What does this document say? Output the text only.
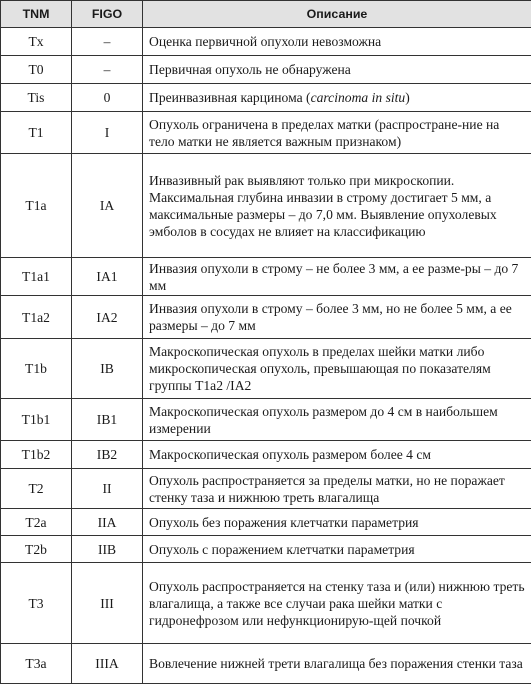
TNM	FIGO	Описание
Tx	–	Оценка первичной опухоли невозможна
T0	–	Первичная опухоль не обнаружена
Tis	0	Преинвазивная карцинома (carcinoma in situ)
T1	I	Опухоль ограничена в пределах матки (распростране-ние на тело матки не является важным признаком)
T1a	IA	Инвазивный рак выявляют только при микроскопии. Максимальная глубина инвазии в строму достигает 5 мм, а максимальные размеры – до 7,0 мм. Выявление опухолевых эмболов в сосудах не влияет на классификацию
T1a1	IA1	Инвазия опухоли в строму – не более 3 мм, а ее разме-ры – до 7 мм
T1a2	IA2	Инвазия опухоли в строму – более 3 мм, но не более 5 мм, а ее размеры – до 7 мм
T1b	IB	Макроскопическая опухоль в пределах шейки матки либо микроскопическая опухоль, превышающая по показателям группы T1a2 /IA2
T1b1	IB1	Макроскопическая опухоль размером до 4 см в наибольшем измерении
T1b2	IB2	Макроскопическая опухоль размером более 4 см
T2	II	Опухоль распространяется за пределы матки, но не поражает стенку таза и нижнюю треть влагалища
T2a	IIA	Опухоль без поражения клетчатки параметрия
T2b	IIB	Опухоль с поражением клетчатки параметрия
T3	III	Опухоль распространяется на стенку таза и (или) нижнюю треть влагалища, а также все случаи рака шейки матки с гидронефрозом или нефункционирую-щей почкой
T3a	IIIA	Вовлечение нижней трети влагалища без поражения стенки таза
